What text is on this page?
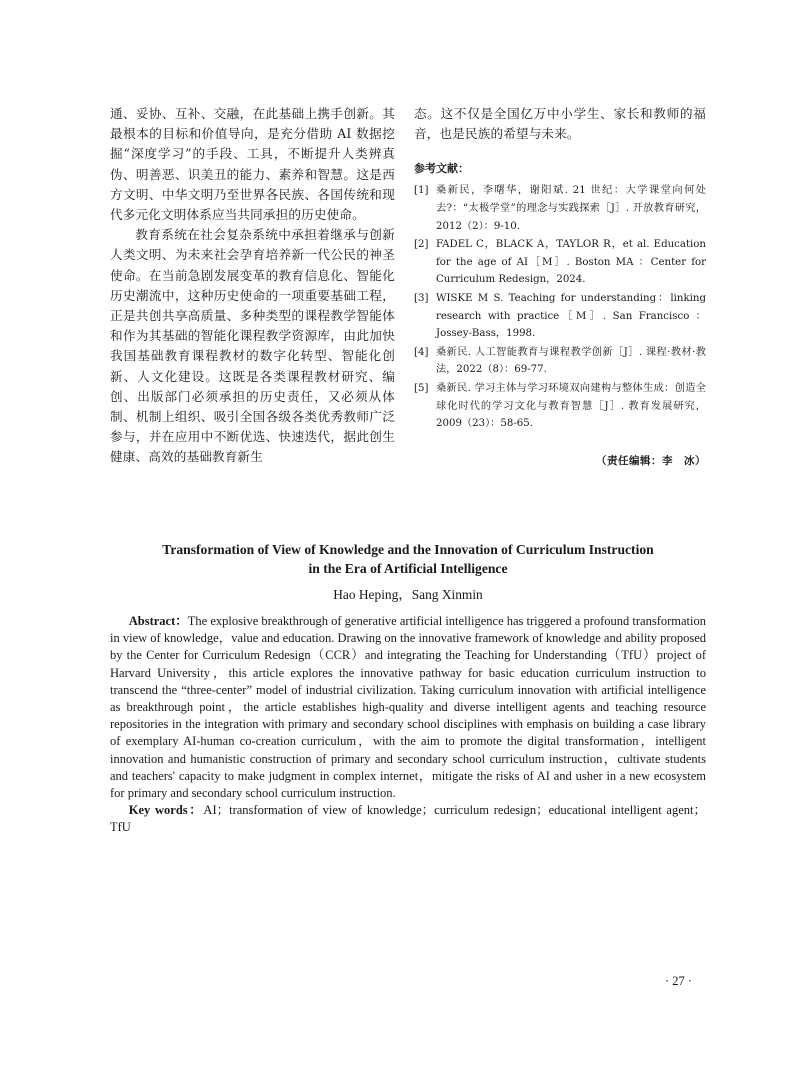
通、妥协、互补、交融，在此基础上携手创新。其最根本的目标和价值导向，是充分借助 AI 数据挖掘“深度学习”的手段、工具，不断提升人类辨真伪、明善恶、识美丑的能力、素养和智慧。这是西方文明、中华文明乃至世界各民族、各国传统和现代多元化文明体系应当共同承担的历史使命。

教育系统在社会复杂系统中承担着继承与创新人类文明、为未来社会孕育培养新一代公民的神圣使命。在当前急剧发展变革的教育信息化、智能化历史潮流中，这种历史使命的一项重要基础工程，正是共创共享高质量、多种类型的课程教学智能体和作为其基础的智能化课程教学资源库，由此加快我国基础教育课程教材的数字化转型、智能化创新、人文化建设。这既是各类课程教材研究、编创、出版部门必须承担的历史责任，又必须从体制、机制上组织、吸引全国各级各类优秀教师广泛参与，并在应用中不断优选、快速迭代，据此创生健康、高效的基础教育新生

态。这不仅是全国亿万中小学生、家长和教师的福音，也是民族的希望与未来。

参考文献：
[1] 桑新民，李曙华，谢阳斌. 21 世纪：大学课堂向何处去?：“太极学堂”的理念与实践探索［J］. 开放教育研究，2012（2）：9-10.
[2] FADEL C，BLACK A，TAYLOR R，et al. Education for the age of AI［M］. Boston MA ：Center for Curriculum Redesign，2024.
[3] WISKE M S. Teaching for understanding：linking research with practice［M］. San Francisco ：Jossey-Bass，1998.
[4] 桑新民. 人工智能教育与课程教学创新［J］. 课程·教材·教法，2022（8）：69-77.
[5] 桑新民. 学习主体与学习环境双向建构与整体生成：创造全球化时代的学习文化与教育智慧［J］. 教育发展研究，2009（23）：58-65.
（责任编辑：李　冰）

Transformation of View of Knowledge and the Innovation of Curriculum Instruction
in the Era of Artificial Intelligence

Hao Heping，Sang Xinmin

Abstract：The explosive breakthrough of generative artificial intelligence has triggered a profound transformation in view of knowledge，value and education. Drawing on the innovative framework of knowledge and ability proposed by the Center for Curriculum Redesign（CCR）and integrating the Teaching for Understanding（TfU）project of Harvard University，this article explores the innovative pathway for basic education curriculum instruction to transcend the “three-center” model of industrial civilization. Taking curriculum innovation with artificial intelligence as breakthrough point，the article establishes high-quality and diverse intelligent agents and teaching resource repositories in the integration with primary and secondary school disciplines with emphasis on building a case library of exemplary AI-human co-creation curriculum，with the aim to promote the digital transformation，intelligent innovation and humanistic construction of primary and secondary school curriculum instruction，cultivate students and teachers' capacity to make judgment in complex internet，mitigate the risks of AI and usher in a new ecosystem for primary and secondary school curriculum instruction.

Key words：AI；transformation of view of knowledge；curriculum redesign；educational intelligent agent；TfU

· 27 ·
